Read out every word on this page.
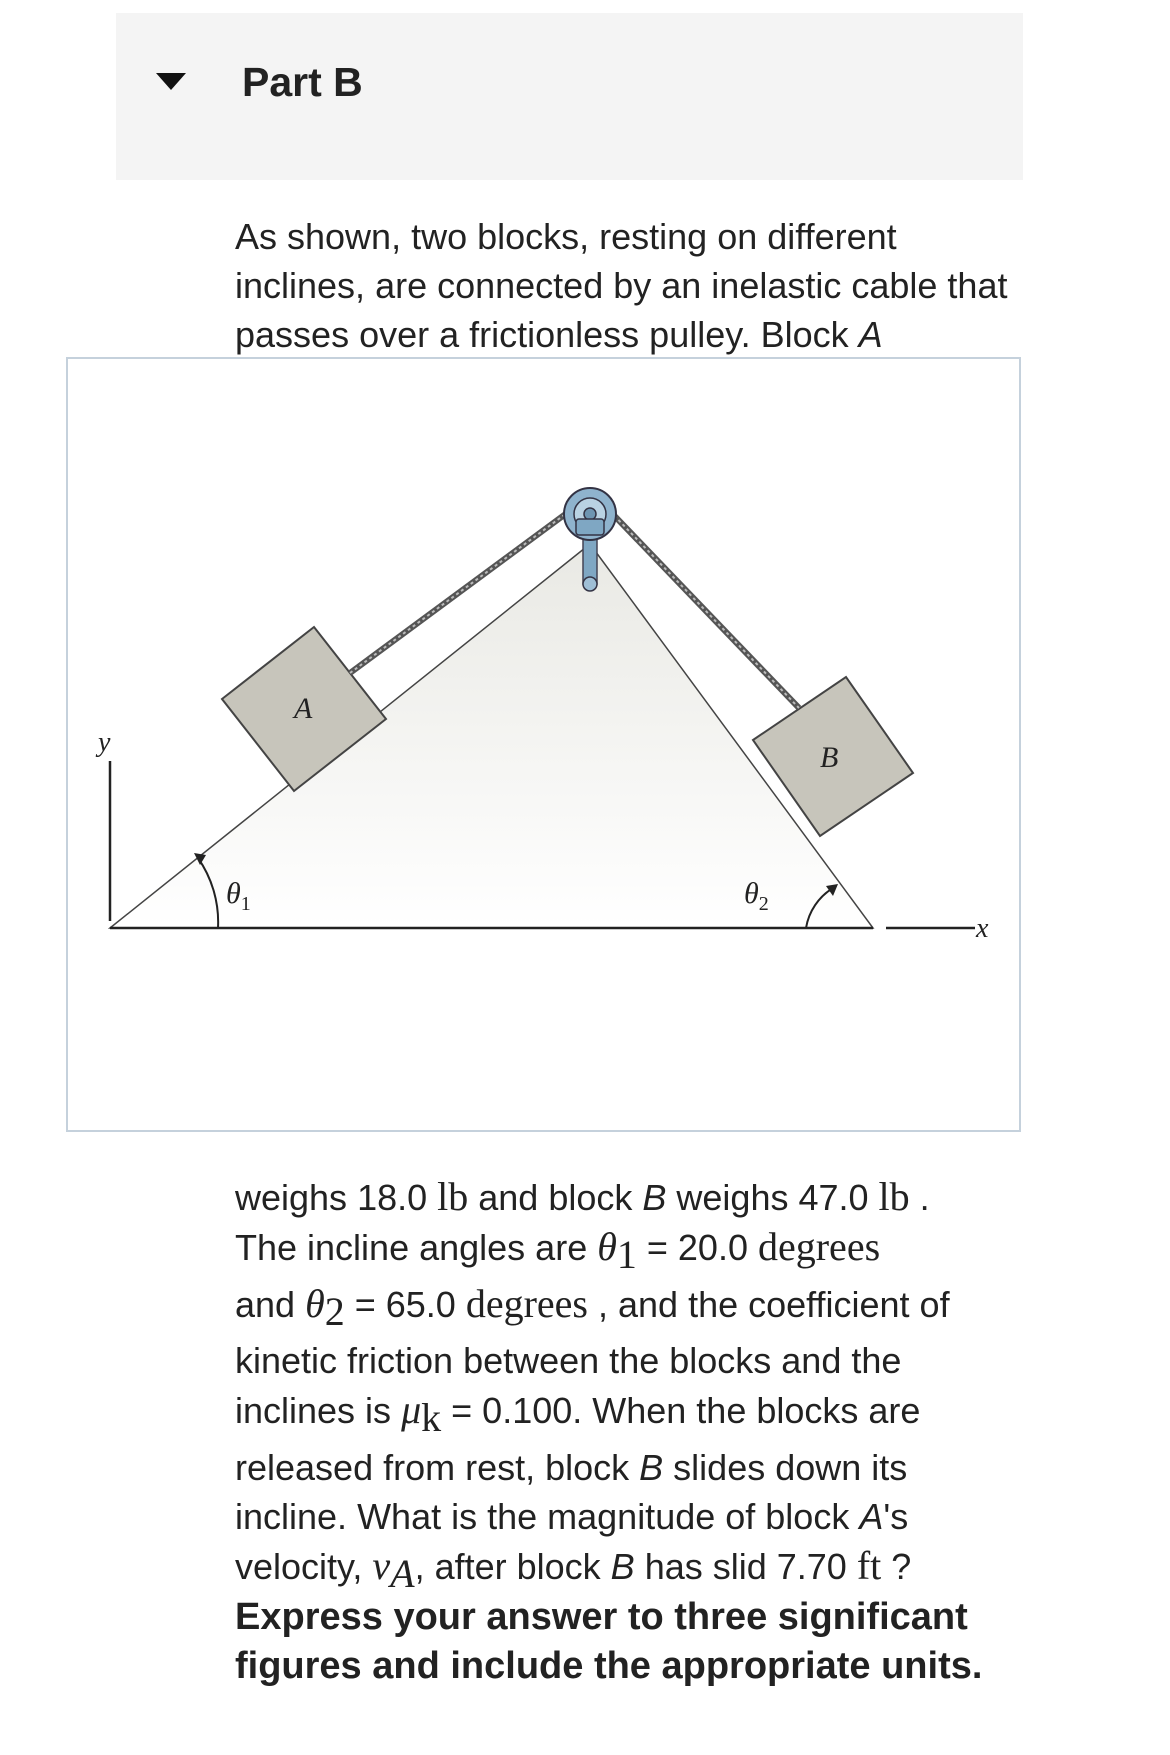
Part B
As shown, two blocks, resting on different inclines, are connected by an inelastic cable that passes over a frictionless pulley. Block A
y
x
$\theta_1$	$\theta_2$
A
B
weighs 18.0 lb and block B weighs 47.0 lb .
The incline angles are $\theta_1 = 20.0$ degrees
and $\theta_2 = 65.0$ degrees , and the coefficient of kinetic friction between the blocks and the inclines is $\mu_k = 0.100$. When the blocks are released from rest, block B slides down its incline. What is the magnitude of block A's velocity, $v_A$, after block B has slid 7.70 ft ?
Express your answer to three significant figures and include the appropriate units.
